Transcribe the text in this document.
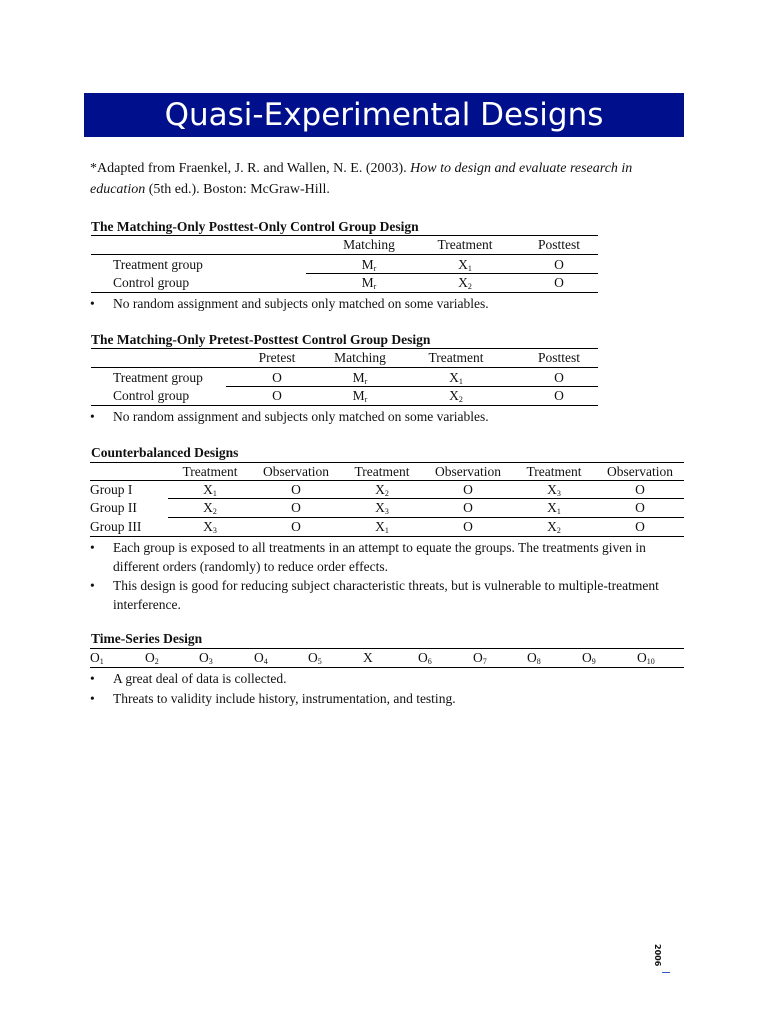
Quasi-Experimental Designs
*Adapted from Fraenkel, J. R. and Wallen, N. E. (2003). How to design and evaluate research in education (5th ed.). Boston: McGraw-Hill.
The Matching-Only Posttest-Only Control Group Design
Matching	Treatment	Posttest
Treatment group	$M_r$	$X_1$	O
Control group	$M_r$	$X_2$	O
• No random assignment and subjects only matched on some variables.
The Matching-Only Pretest-Posttest Control Group Design
Pretest	Matching	Treatment	Posttest
Treatment group	O	$M_r$	$X_1$	O
Control group	O	$M_r$	$X_2$	O
• No random assignment and subjects only matched on some variables.
Counterbalanced Designs
Treatment Observation Treatment Observation Treatment Observation
Group I	$X_1$	O	$X_2$	O	$X_3$	O
Group II	$X_2$	O	$X_3$	O	$X_1$	O
Group III	$X_3$	O	$X_1$	O	$X_2$	O
• Each group is exposed to all treatments in an attempt to equate the groups. The treatments given in different orders (randomly) to reduce order effects.
• This design is good for reducing subject characteristic threats, but is vulnerable to multiple-treatment interference.
Time-Series Design
$O_1$	$O_2$	$O_3$	$O_4$	$O_5$	X	$O_6$	$O_7$	$O_8$	$O_9$	$O_{10}$
• A great deal of data is collected.
• Threats to validity include history, instrumentation, and testing.
2006
